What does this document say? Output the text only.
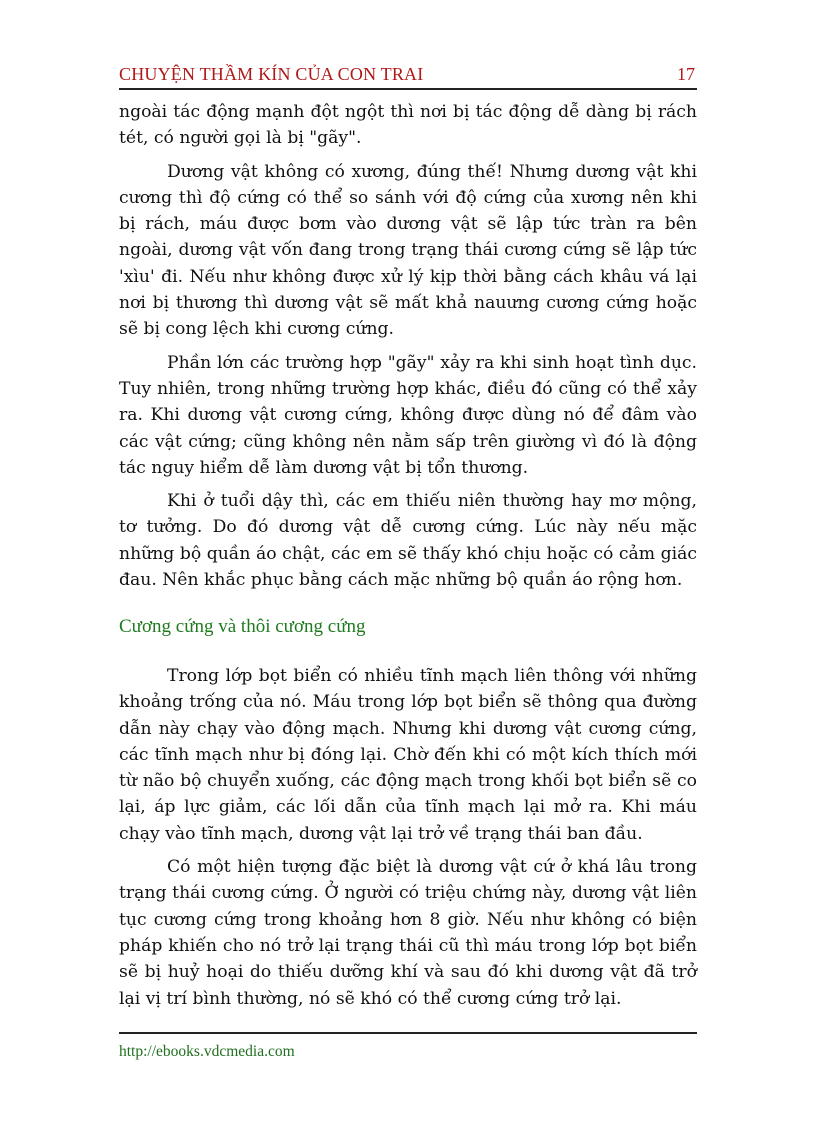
CHUYỆN THẦM KÍN CỦA CON TRAI	17

ngoài tác động mạnh đột ngột thì nơi bị tác động dễ dàng bị rách tét, có người gọi là bị "gãy".

Dương vật không có xương, đúng thế! Nhưng dương vật khi cương thì độ cứng có thể so sánh với độ cứng của xương nên khi bị rách, máu được bơm vào dương vật sẽ lập tức tràn ra bên ngoài, dương vật vốn đang trong trạng thái cương cứng sẽ lập tức 'xìu' đi. Nếu như không được xử lý kịp thời bằng cách khâu vá lại nơi bị thương thì dương vật sẽ mất khả nauưng cương cứng hoặc sẽ bị cong lệch khi cương cứng.

Phần lớn các trường hợp "gãy" xảy ra khi sinh hoạt tình dục. Tuy nhiên, trong những trường hợp khác, điều đó cũng có thể xảy ra. Khi dương vật cương cứng, không được dùng nó để đâm vào các vật cứng; cũng không nên nằm sấp trên giường vì đó là động tác nguy hiểm dễ làm dương vật bị tổn thương.

Khi ở tuổi dậy thì, các em thiếu niên thường hay mơ mộng, tơ tưởng. Do đó dương vật dễ cương cứng. Lúc này nếu mặc những bộ quần áo chật, các em sẽ thấy khó chịu hoặc có cảm giác đau. Nên khắc phục bằng cách mặc những bộ quần áo rộng hơn.

Cương cứng và thôi cương cứng

Trong lớp bọt biển có nhiều tĩnh mạch liên thông với những khoảng trống của nó. Máu trong lớp bọt biển sẽ thông qua đường dẫn này chạy vào động mạch. Nhưng khi dương vật cương cứng, các tĩnh mạch như bị đóng lại. Chờ đến khi có một kích thích mới từ não bộ chuyển xuống, các động mạch trong khối bọt biển sẽ co lại, áp lực giảm, các lối dẫn của tĩnh mạch lại mở ra. Khi máu chạy vào tĩnh mạch, dương vật lại trở về trạng thái ban đầu.

Có một hiện tượng đặc biệt là dương vật cứ ở khá lâu trong trạng thái cương cứng. Ở người có triệu chứng này, dương vật liên tục cương cứng trong khoảng hơn 8 giờ. Nếu như không có biện pháp khiến cho nó trở lại trạng thái cũ thì máu trong lớp bọt biển sẽ bị huỷ hoại do thiếu dưỡng khí và sau đó khi dương vật đã trở lại vị trí bình thường, nó sẽ khó có thể cương cứng trở lại.

http://ebooks.vdcmedia.com
